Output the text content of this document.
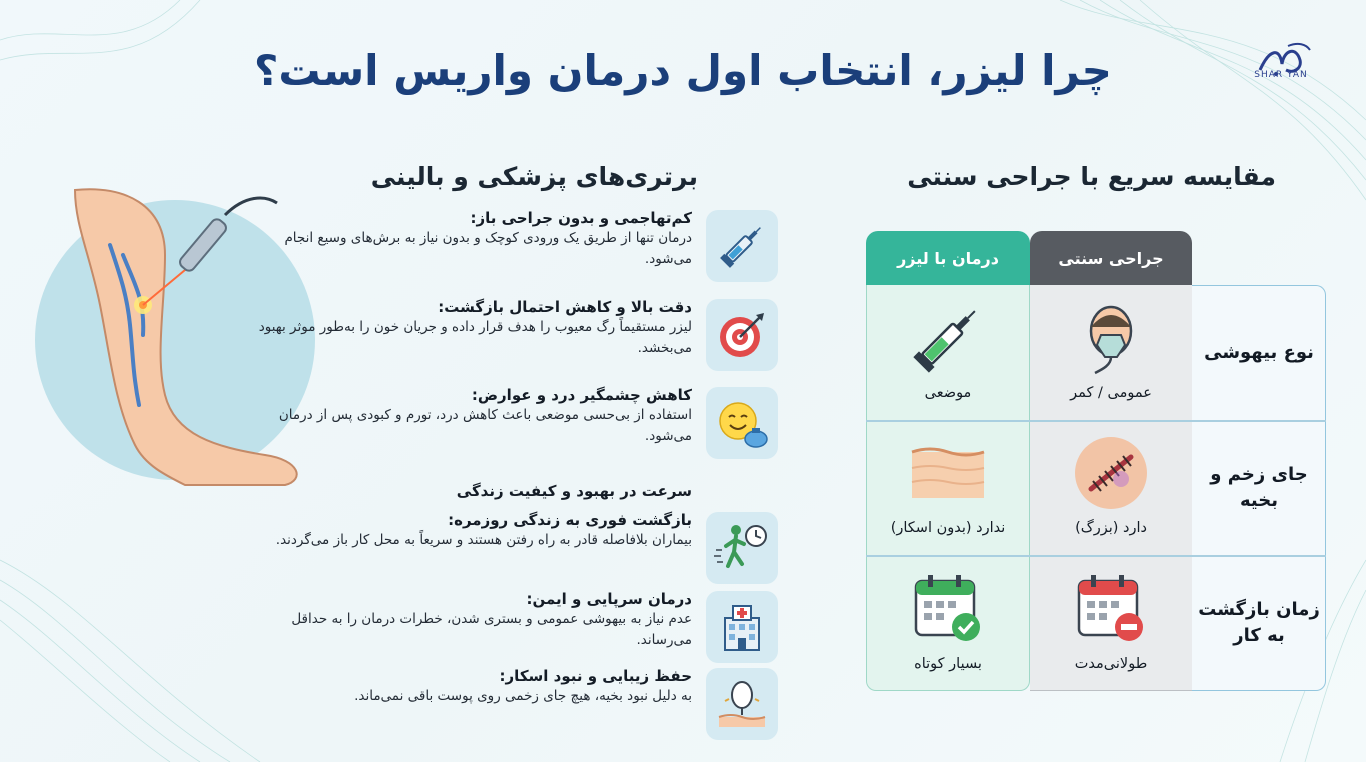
SHAR YAN
چرا لیزر، انتخاب اول درمان واریس است؟
برتری‌های پزشکی و بالینی	مقایسه سریع با جراحی سنتی
کم‌تهاجمی و بدون جراحی باز:
درمان تنها از طریق یک ورودی کوچک و بدون نیاز به برش‌های وسیع انجام می‌شود.
دقت بالا و کاهش احتمال بازگشت:
لیزر مستقیماً رگ معیوب را هدف قرار داده و جریان خون را به‌طور موثر بهبود می‌بخشد.
کاهش چشمگیر درد و عوارض:
استفاده از بی‌حسی موضعی باعث کاهش درد، تورم و کبودی پس از درمان می‌شود.
سرعت در بهبود و کیفیت زندگی
بازگشت فوری به زندگی روزمره:
بیماران بلافاصله قادر به راه رفتن هستند و سریعاً به محل کار باز می‌گردند.
درمان سرپایی و ایمن:
عدم نیاز به بیهوشی عمومی و بستری شدن، خطرات درمان را به حداقل می‌رساند.
حفظ زیبایی و نبود اسکار:
به دلیل نبود بخیه، هیچ جای زخمی روی پوست باقی نمی‌ماند.
درمان با لیزر	جراحی سنتی
نوع بیهوشی
عمومی / کمر
موضعی
جای زخم و بخیه
دارد (بزرگ)
ندارد (بدون اسکار)
زمان بازگشت به کار
طولانی‌مدت
بسیار کوتاه
